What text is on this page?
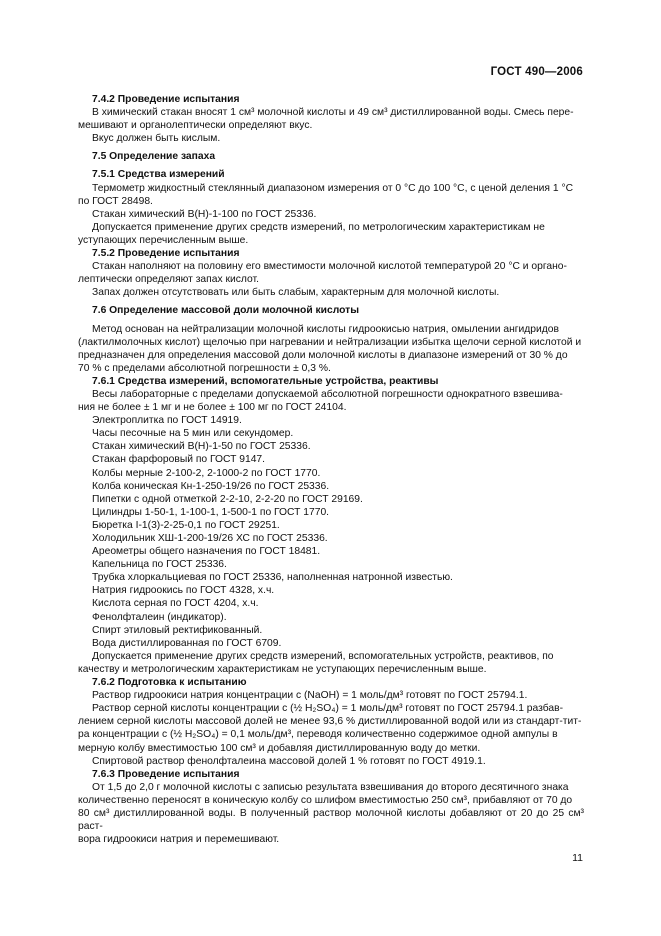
ГОСТ 490—2006
7.4.2 Проведение испытания
В химический стакан вносят 1 см³ молочной кислоты и 49 см³ дистиллированной воды. Смесь пере-
мешивают и органолептически определяют вкус.
Вкус должен быть кислым.
7.5 Определение запаха
7.5.1 Средства измерений
Термометр жидкостный стеклянный диапазоном измерения от 0 °С до 100 °С, с ценой деления 1 °С
по ГОСТ 28498.
Стакан химический В(Н)-1-100 по ГОСТ 25336.
Допускается применение других средств измерений, по метрологическим характеристикам не
уступающих перечисленным выше.
7.5.2 Проведение испытания
Стакан наполняют на половину его вместимости молочной кислотой температурой 20 °С и органо-
лептически определяют запах кислот.
Запах должен отсутствовать или быть слабым, характерным для молочной кислоты.
7.6 Определение массовой доли молочной кислоты
Метод основан на нейтрализации молочной кислоты гидроокисью натрия, омылении ангидридов
(лактилмолочных кислот) щелочью при нагревании и нейтрализации избытка щелочи серной кислотой и
предназначен для определения массовой доли молочной кислоты в диапазоне измерений от 30 % до
70 % с пределами абсолютной погрешности ± 0,3 %.
7.6.1 Средства измерений, вспомогательные устройства, реактивы
Весы лабораторные с пределами допускаемой абсолютной погрешности однократного взвешива-
ния не более ± 1 мг и не более ± 100 мг по ГОСТ 24104.
Электроплитка по ГОСТ 14919.
Часы песочные на 5 мин или секундомер.
Стакан химический В(Н)-1-50 по ГОСТ 25336.
Стакан фарфоровый по ГОСТ 9147.
Колбы мерные 2-100-2, 2-1000-2 по ГОСТ 1770.
Колба коническая Кн-1-250-19/26 по ГОСТ 25336.
Пипетки с одной отметкой 2-2-10, 2-2-20 по ГОСТ 29169.
Цилиндры 1-50-1, 1-100-1, 1-500-1 по ГОСТ 1770.
Бюретка I-1(3)-2-25-0,1 по ГОСТ 29251.
Холодильник ХШ-1-200-19/26 ХС по ГОСТ 25336.
Ареометры общего назначения по ГОСТ 18481.
Капельница по ГОСТ 25336.
Трубка хлоркальциевая по ГОСТ 25336, наполненная натронной известью.
Натрия гидроокись по ГОСТ 4328, х.ч.
Кислота серная по ГОСТ 4204, х.ч.
Фенолфталеин (индикатор).
Спирт этиловый ректификованный.
Вода дистиллированная по ГОСТ 6709.
Допускается применение других средств измерений, вспомогательных устройств, реактивов, по
качеству и метрологическим характеристикам не уступающих перечисленным выше.
7.6.2 Подготовка к испытанию
Раствор гидроокиси натрия концентрации с (NaOH) = 1 моль/дм³ готовят по ГОСТ 25794.1.
Раствор серной кислоты концентрации с (½ H₂SO₄) = 1 моль/дм³ готовят по ГОСТ 25794.1 разбав-
лением серной кислоты массовой долей не менее 93,6 % дистиллированной водой или из стандарт-тит-
ра концентрации с (½ H₂SO₄) = 0,1 моль/дм³, переводя количественно содержимое одной ампулы в
мерную колбу вместимостью 100 см³ и добавляя дистиллированную воду до метки.
Спиртовой раствор фенолфталеина массовой долей 1 % готовят по ГОСТ 4919.1.
7.6.3 Проведение испытания
От 1,5 до 2,0 г молочной кислоты с записью результата взвешивания до второго десятичного знака
количественно переносят в коническую колбу со шлифом вместимостью 250 см³, прибавляют от 70 до
80 см³ дистиллированной воды. В полученный раствор молочной кислоты добавляют от 20 до 25 см³ раст-
вора гидроокиси натрия и перемешивают.
11
